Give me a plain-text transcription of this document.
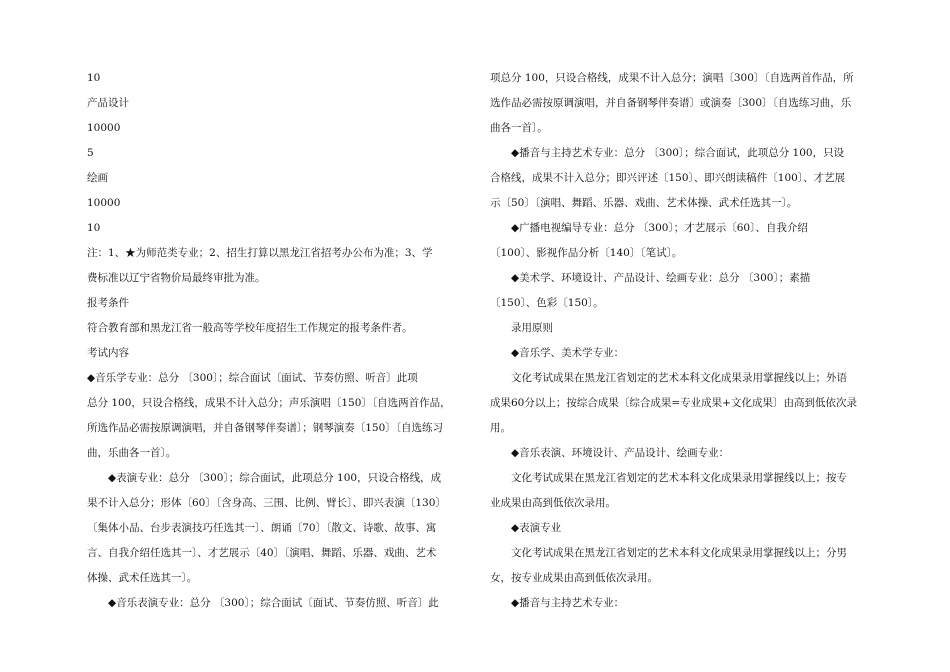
10
产品设计
10000
5
绘画
10000
10
注：1、★为师范类专业；2、招生打算以黑龙江省招考办公布为准；3、学
费标准以辽宁省物价局最终审批为准。
报考条件
符合教育部和黑龙江省一般高等学校年度招生工作规定的报考条件者。
考试内容
◆音乐学专业：总分 〔300〕；综合面试〔面试、节奏仿照、听音〕此项
总分 100，只设合格线，成果不计入总分；声乐演唱〔150〕〔自选两首作品，
所选作品必需按原调演唱，并自备钢琴伴奏谱〕；钢琴演奏〔150〕〔自选练习
曲，乐曲各一首〕。
◆表演专业：总分 〔300〕；综合面试，此项总分 100，只设合格线，成
果不计入总分；形体〔60〕〔含身高、三围、比例、臂长〕、即兴表演〔130〕
〔集体小品、台步表演技巧任选其一〕、朗诵〔70〕〔散文、诗歌、故事、寓
言、自我介绍任选其一〕、才艺展示〔40〕〔演唱、舞蹈、乐器、戏曲、艺术
体操、武术任选其一〕。
◆音乐表演专业：总分 〔300〕；综合面试〔面试、节奏仿照、听音〕此
项总分 100，只设合格线，成果不计入总分；演唱〔300〕〔自选两首作品，所
选作品必需按原调演唱，并自备钢琴伴奏谱〕或演奏〔300〕〔自选练习曲，乐
曲各一首〕。
◆播音与主持艺术专业：总分 〔300〕；综合面试，此项总分 100，只设
合格线，成果不计入总分；即兴评述〔150〕、即兴朗读稿件〔100〕、才艺展
示〔50〕〔演唱、舞蹈、乐器、戏曲、艺术体操、武术任选其一〕。
◆广播电视编导专业：总分 〔300〕；才艺展示〔60〕、自我介绍
〔100〕、影视作品分析〔140〕〔笔试〕。
◆美术学、环境设计、产品设计、绘画专业：总分 〔300〕；素描
〔150〕、色彩〔150〕。
录用原则
◆音乐学、美术学专业：
文化考试成果在黑龙江省划定的艺术本科文化成果录用掌握线以上；外语
成果60分以上；按综合成果〔综合成果=专业成果+文化成果〕由高到低依次录
用。
◆音乐表演、环境设计、产品设计、绘画专业：
文化考试成果在黑龙江省划定的艺术本科文化成果录用掌握线以上；按专
业成果由高到低依次录用。
◆表演专业
文化考试成果在黑龙江省划定的艺术本科文化成果录用掌握线以上；分男
女，按专业成果由高到低依次录用。
◆播音与主持艺术专业：
